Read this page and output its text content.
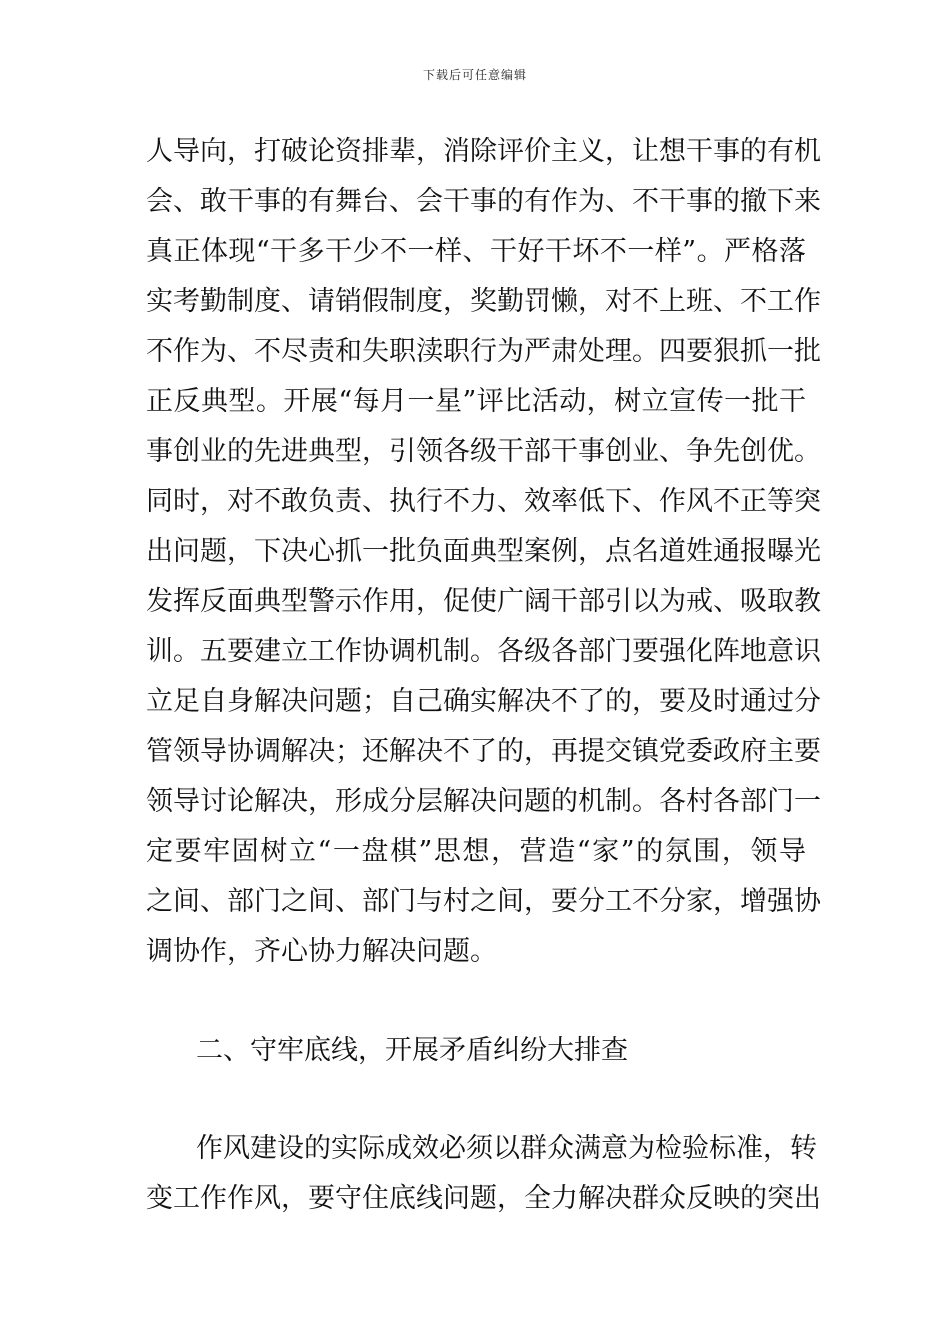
下载后可任意编辑
人导向，打破论资排辈，消除评价主义，让想干事的有机
会、敢干事的有舞台、会干事的有作为、不干事的撤下来
真正体现“干多干少不一样、干好干坏不一样”。严格落
实考勤制度、请销假制度，奖勤罚懒，对不上班、不工作
不作为、不尽责和失职渎职行为严肃处理。四要狠抓一批
正反典型。开展“每月一星”评比活动，树立宣传一批干
事创业的先进典型，引领各级干部干事创业、争先创优。
同时，对不敢负责、执行不力、效率低下、作风不正等突
出问题，下决心抓一批负面典型案例，点名道姓通报曝光
发挥反面典型警示作用，促使广阔干部引以为戒、吸取教
训。五要建立工作协调机制。各级各部门要强化阵地意识
立足自身解决问题；自己确实解决不了的，要及时通过分
管领导协调解决；还解决不了的，再提交镇党委政府主要
领导讨论解决，形成分层解决问题的机制。各村各部门一
定要牢固树立“一盘棋”思想，营造“家”的氛围，领导
之间、部门之间、部门与村之间，要分工不分家，增强协
调协作，齐心协力解决问题。
二、守牢底线，开展矛盾纠纷大排查
作风建设的实际成效必须以群众满意为检验标准，转
变工作作风，要守住底线问题，全力解决群众反映的突出
